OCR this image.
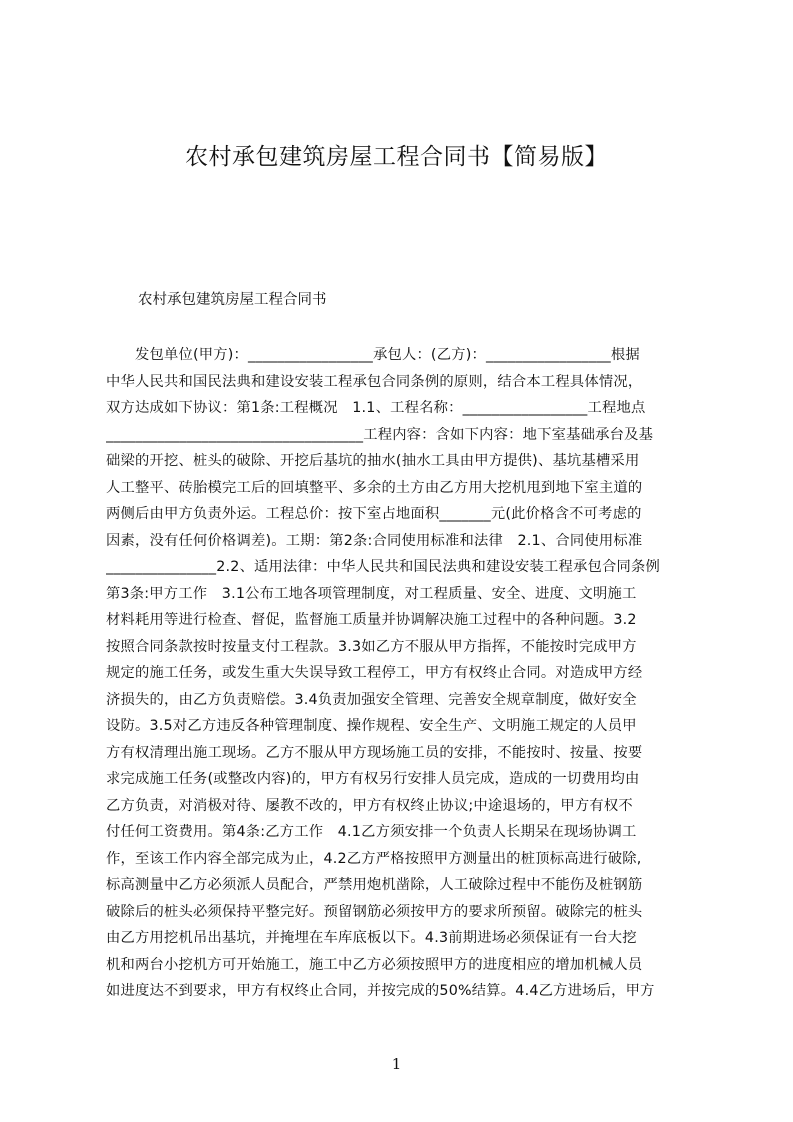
农村承包建筑房屋工程合同书【简易版】
农村承包建筑房屋工程合同书
　　发包单位(甲方)：_________________承包人：(乙方)：_________________根据
中华人民共和国民法典和建设安装工程承包合同条例的原则，结合本工程具体情况，
双方达成如下协议：第1条:工程概况　1.1、工程名称：_________________工程地点
___________________________________工程内容：含如下内容：地下室基础承台及基
础梁的开挖、桩头的破除、开挖后基坑的抽水(抽水工具由甲方提供)、基坑基槽采用
人工整平、砖胎模完工后的回填整平、多余的土方由乙方用大挖机甩到地下室主道的
两侧后由甲方负责外运。工程总价：按下室占地面积_______元(此价格含不可考虑的
因素，没有任何价格调差)。工期：第2条:合同使用标准和法律　2.1、合同使用标准
_______________2.2、适用法律：中华人民共和国民法典和建设安装工程承包合同条例
第3条:甲方工作　3.1公布工地各项管理制度，对工程质量、安全、进度、文明施工
材料耗用等进行检查、督促，监督施工质量并协调解决施工过程中的各种问题。3.2
按照合同条款按时按量支付工程款。3.3如乙方不服从甲方指挥，不能按时完成甲方
规定的施工任务，或发生重大失误导致工程停工，甲方有权终止合同。对造成甲方经
济损失的，由乙方负责赔偿。3.4负责加强安全管理、完善安全规章制度，做好安全
设防。3.5对乙方违反各种管理制度、操作规程、安全生产、文明施工规定的人员甲
方有权清理出施工现场。乙方不服从甲方现场施工员的安排，不能按时、按量、按要
求完成施工任务(或整改内容)的，甲方有权另行安排人员完成，造成的一切费用均由
乙方负责，对消极对待、屡教不改的，甲方有权终止协议;中途退场的，甲方有权不
付任何工资费用。第4条:乙方工作　4.1乙方须安排一个负责人长期呆在现场协调工
作，至该工作内容全部完成为止，4.2乙方严格按照甲方测量出的桩顶标高进行破除,
标高测量中乙方必须派人员配合，严禁用炮机凿除，人工破除过程中不能伤及桩钢筋
破除后的桩头必须保持平整完好。预留钢筋必须按甲方的要求所预留。破除完的桩头
由乙方用挖机吊出基坑，并掩埋在车库底板以下。4.3前期进场必须保证有一台大挖
机和两台小挖机方可开始施工，施工中乙方必须按照甲方的进度相应的增加机械人员
如进度达不到要求，甲方有权终止合同，并按完成的50%结算。4.4乙方进场后，甲方
1
